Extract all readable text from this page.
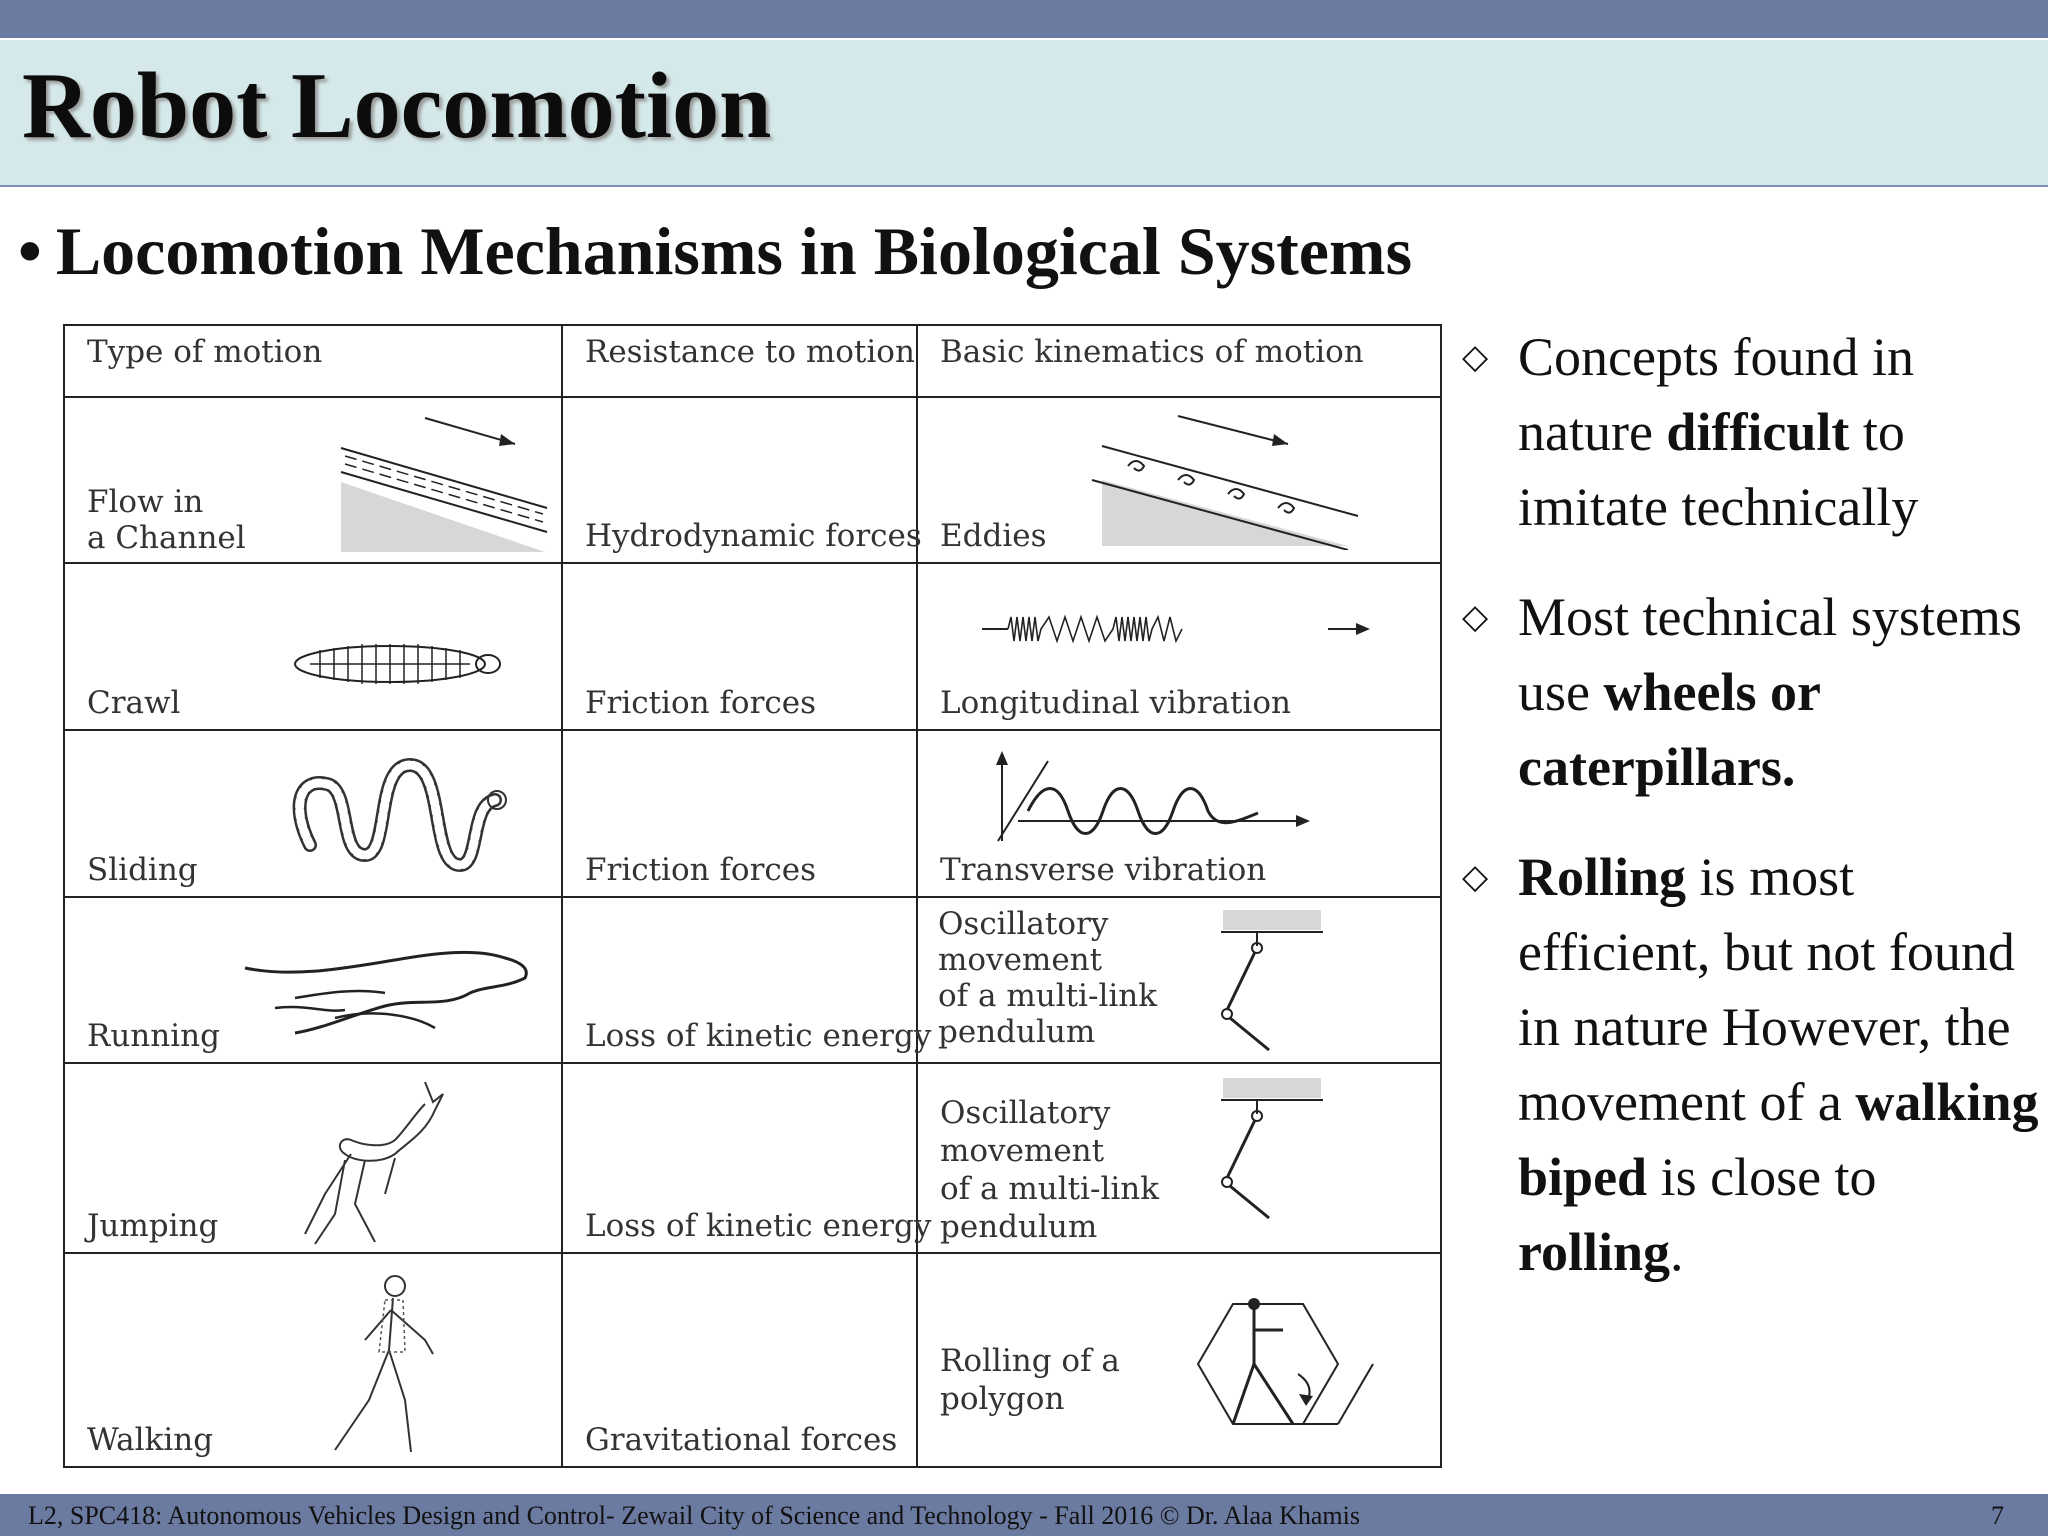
Robot Locomotion
• Locomotion Mechanisms in Biological Systems
Type of motion	Resistance to motion	Basic kinematics of motion

Flow in
a Channel	Hydrodynamic forces	Eddies

Crawl	Friction forces	Longitudinal vibration

Sliding	Friction forces	Transverse vibration

Running	Loss of kinetic energy	Oscillatory
movement
of a multi-link
pendulum

Jumping	Loss of kinetic energy	Oscillatory
movement
of a multi-link
pendulum

Walking	Gravitational forces	Rolling of a
polygon
◇ Concepts found in nature difficult to imitate technically
◇ Most technical systems use wheels or caterpillars.
◇ Rolling is most efficient, but not found in nature However, the movement of a walking biped is close to rolling.
L2, SPC418: Autonomous Vehicles Design and Control- Zewail City of Science and Technology - Fall 2016 © Dr. Alaa Khamis	7
